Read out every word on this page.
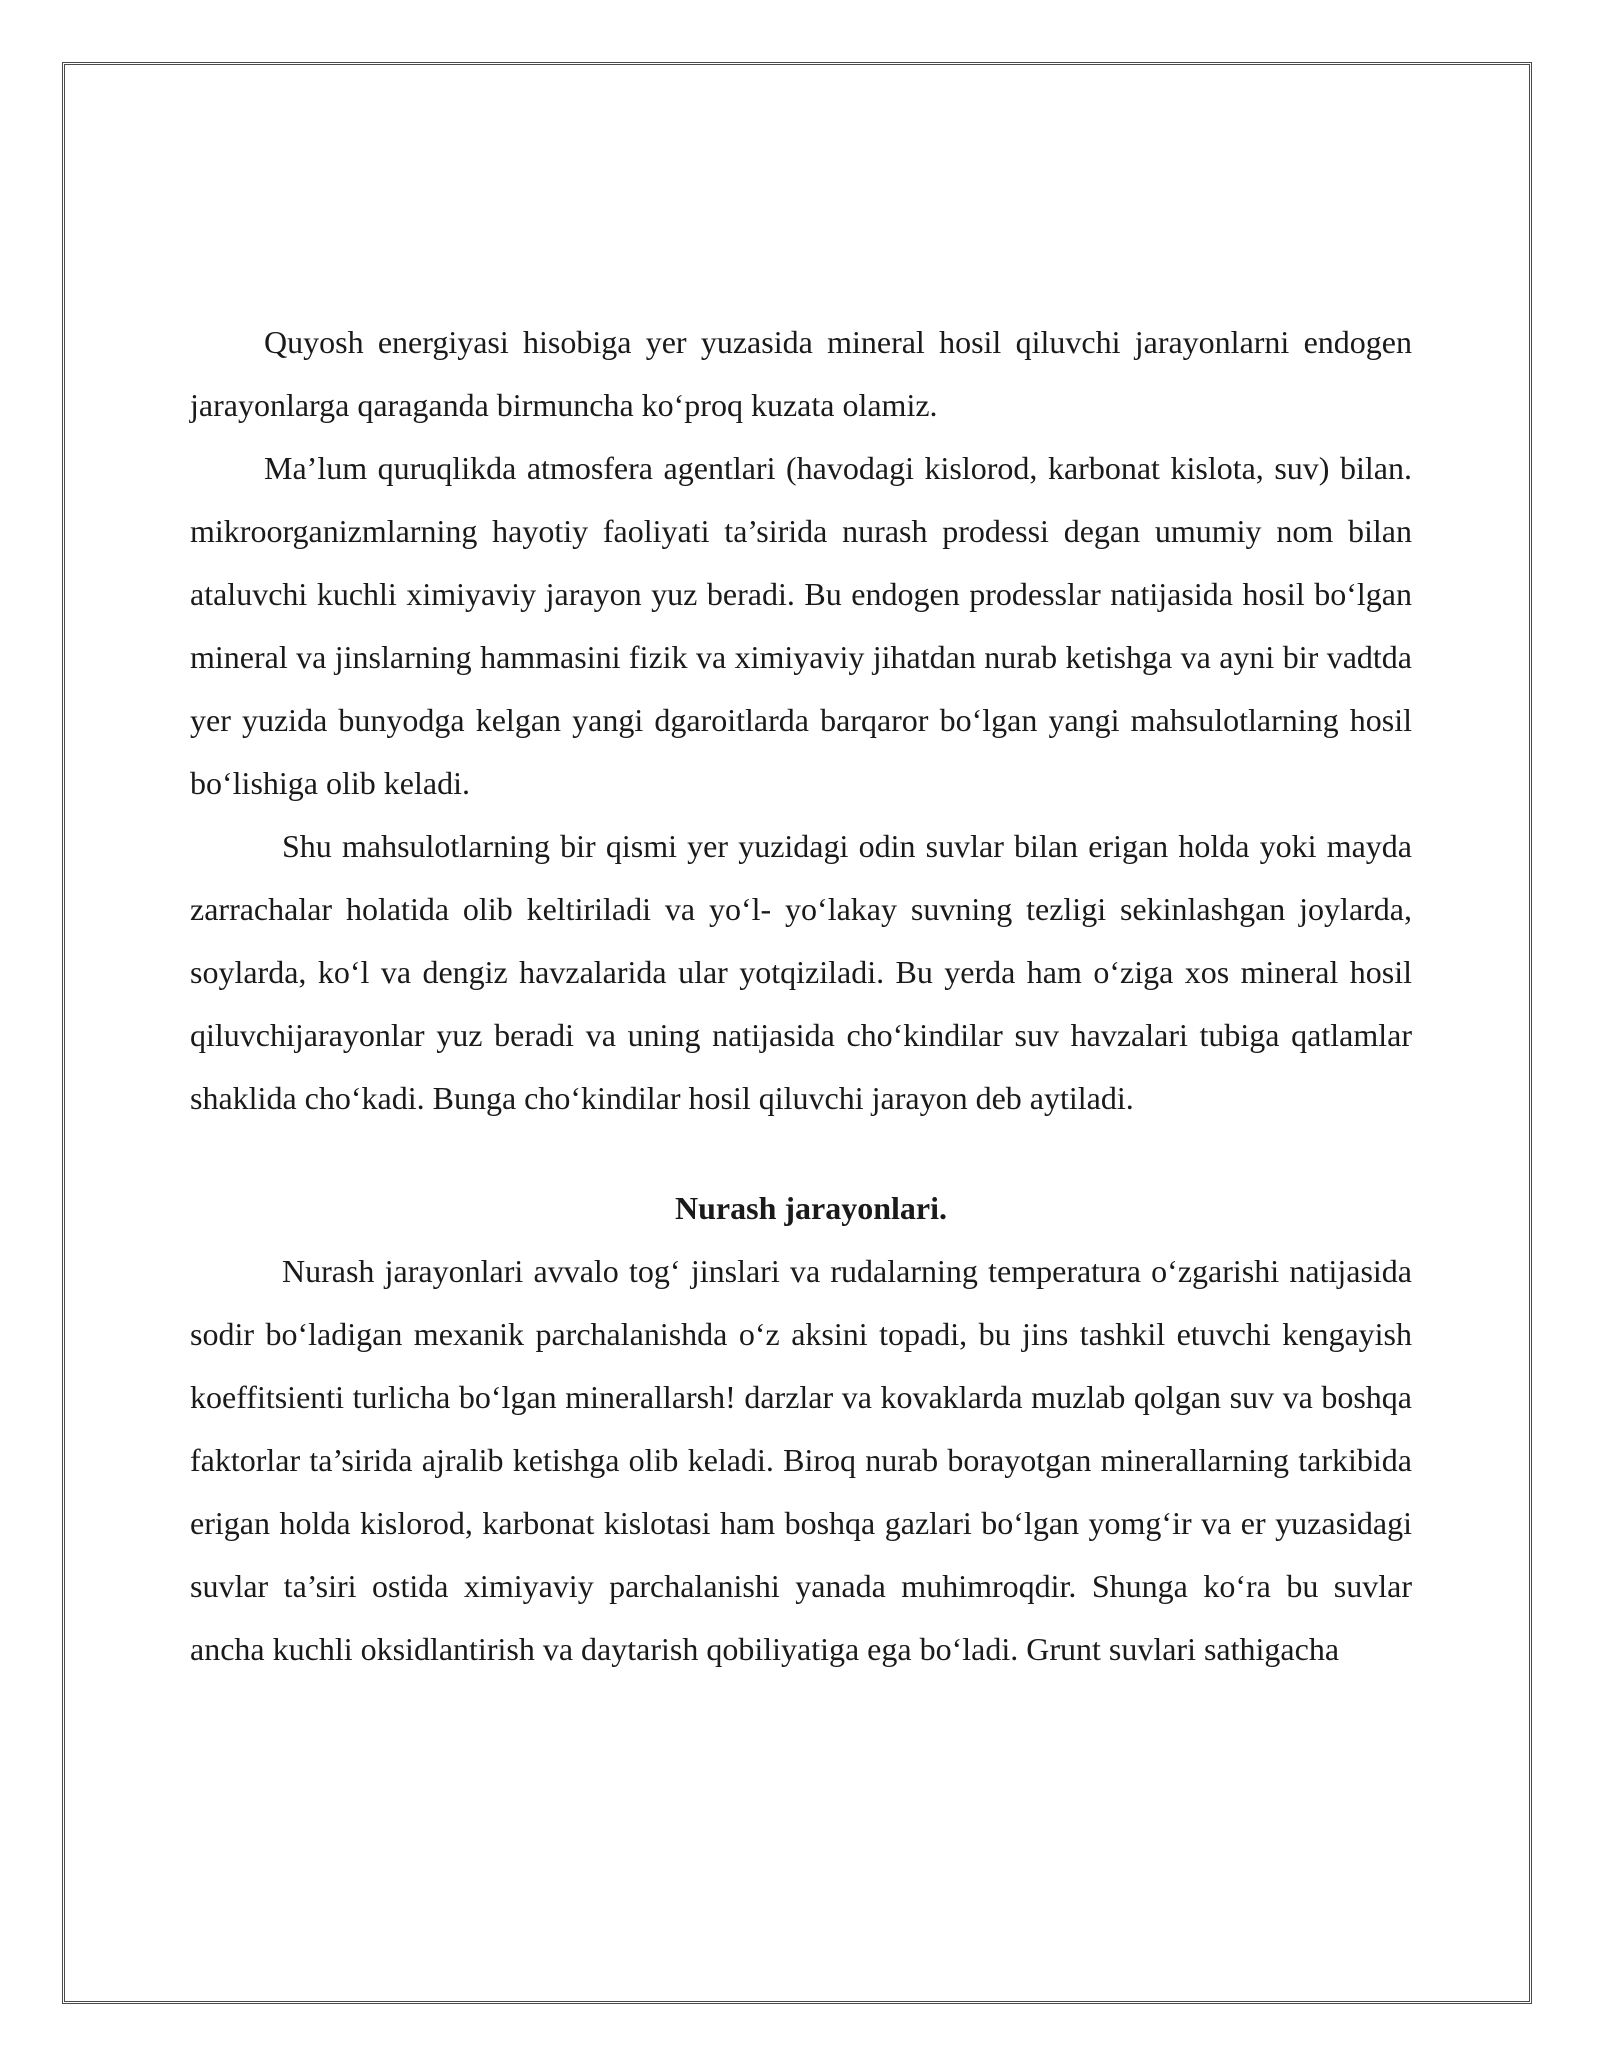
Quyosh energiyasi hisobiga yer yuzasida mineral hosil qiluvchi jarayonlarni endogen jarayonlarga qaraganda birmuncha ko‘proq kuzata olamiz.

Ma’lum quruqlikda atmosfera agentlari (havodagi kislorod, karbonat kislota, suv) bilan. mikroorganizmlarning hayotiy faoliyati ta’sirida nurash prodessi degan umumiy nom bilan ataluvchi kuchli ximiyaviy jarayon yuz beradi. Bu endogen prodesslar natijasida hosil bo‘lgan mineral va jinslarning hammasini fizik va ximiyaviy jihatdan nurab ketishga va ayni bir vadtda yer yuzida bunyodga kelgan yangi dgaroitlarda barqaror bo‘lgan yangi mahsulotlarning hosil bo‘lishiga olib keladi.

Shu mahsulotlarning bir qismi yer yuzidagi odin suvlar bilan erigan holda yoki mayda zarrachalar holatida olib keltiriladi va yo‘l- yo‘lakay suvning tezligi sekinlashgan joylarda, soylarda, ko‘l va dengiz havzalarida ular yotqiziladi. Bu yerda ham o‘ziga xos mineral hosil qiluvchijarayonlar yuz beradi va uning natijasida cho‘kindilar suv havzalari tubiga qatlamlar shaklida cho‘kadi. Bunga cho‘kindilar hosil qiluvchi jarayon deb aytiladi.

Nurash jarayonlari.

Nurash jarayonlari avvalo tog‘ jinslari va rudalarning temperatura o‘zgarishi natijasida sodir bo‘ladigan mexanik parchalanishda o‘z aksini topadi, bu jins tashkil etuvchi kengayish koeffitsienti turlicha bo‘lgan minerallarsh! darzlar va kovaklarda muzlab qolgan suv va boshqa faktorlar ta’sirida ajralib ketishga olib keladi. Biroq nurab borayotgan minerallarning tarkibida erigan holda kislorod, karbonat kislotasi ham boshqa gazlari bo‘lgan yomg‘ir va er yuzasidagi suvlar ta’siri ostida ximiyaviy parchalanishi yanada muhimroqdir. Shunga ko‘ra bu suvlar ancha kuchli oksidlantirish va daytarish qobiliyatiga ega bo‘ladi. Grunt suvlari sathigacha
